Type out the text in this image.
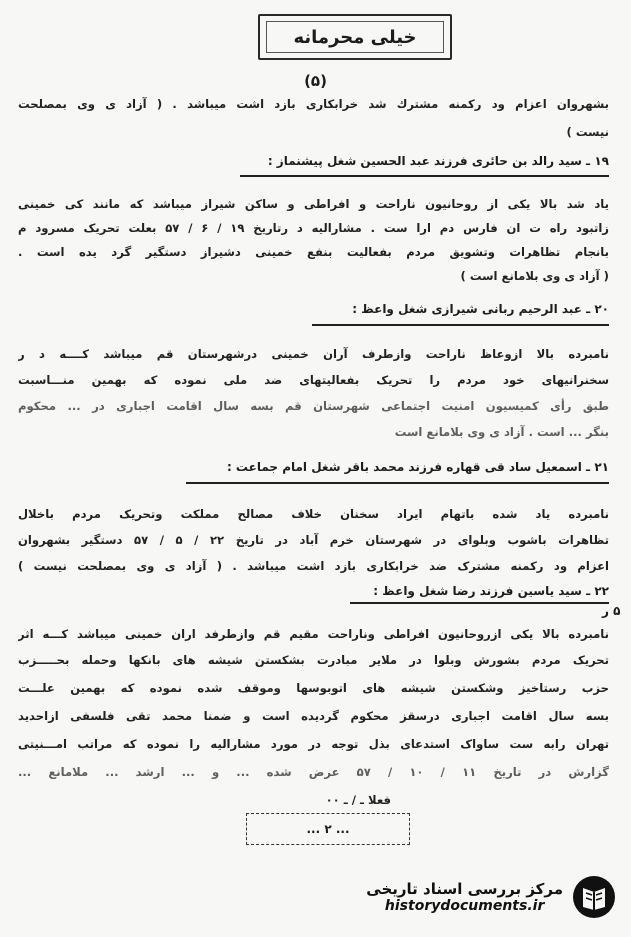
خیلی محرمانه
(۵)
بشهروان اعزام ود ركمنه مشترك شد خرابكارى بازد اشت ميباشد . ( آزاد ى وى بمصلحت
نيست )
۱۹ ـ سید رالد بن حائری فرزند عبد الحسین شغل پیشنماز :
یاد شد بالا یکی از روحانیون ناراحت و افراطی و ساکن شیراز میباشد که مانند کی خمینی
زاتبود راه ت ان فارس دم ارا ست . مشارالیه د رتاریخ ۱۹ / ۶ / ۵۷ بعلت تحریک مسرود م
بانجام تظاهرات وتشویق مردم بفعالیت بنفع خمینی دشیراز دستگیر گرد یده است .
( آزاد ى وى بلامانع است )
۲۰ ـ عبد الرحیم ربانی شیرازی شغل واعظ :
نامبرده بالا ازوعاظ ناراحت وازطرف آران خمینی درشهرستان قم میباشد کــــه د ر
سخنرانیهای خود مردم را تحریک بفعالیتهای ضد ملی نموده که بهمین منـــاسبت
طبق رأی کمیسیون امنیت اجتماعی شهرستان قم بسه سال اقامت اجباری در ... محکوم
بنگر ... است . آزاد ى وى بلامانع است
۲۱ ـ اسمعیل ساد قی قهاره فرزند محمد باقر شغل امام جماعت :
نامبرده یاد شده باتهام ایراد سخنان خلاف مصالح مملکت وتحریک مردم باخلال
تظاهرات باشوب وبلوای در شهرستان خرم آباد در تاریخ ۲۲ / ۵ / ۵۷ دستگیر بشهروان
اعزام ود رکمنه مشترک ضد خرابکاری بازد اشت میباشد . ( آزاد ی وی بمصلحت نیست )
۲۲ ـ سید یاسین فرزند رضا شغل واعظ :
۵ ر
نامبرده بالا یکی ازروحانیون افراطی وناراحت مقیم قم وازطرفد اران خمینی میباشد کـــه اثر
تحریک مردم بشورش وبلوا در ملایر مبادرت بشکستن شیشه های بانکها وحمله بحـــــزب
حزب رستاخیز وشکستن شیشه های اتوبوسها وموقف شده نموده که بهمین علـــت
بسه سال اقامت اجباری درسقز محکوم گردیده است و ضمنا محمد تقی فلسفی ازاحدید
تهران رابه ست ساواک استدعای بذل توجه در مورد مشارالیه را نموده که مراتب امـــنیتی
گزارش در تاریخ ۱۱ / ۱۰ / ۵۷ عرض شده ... و ... ارشد ... ملامانع ...
فعلا ـ / ـ ۰۰
... ۲ ...
مرکز بررسی اسناد تاریخی
historydocuments.ir
